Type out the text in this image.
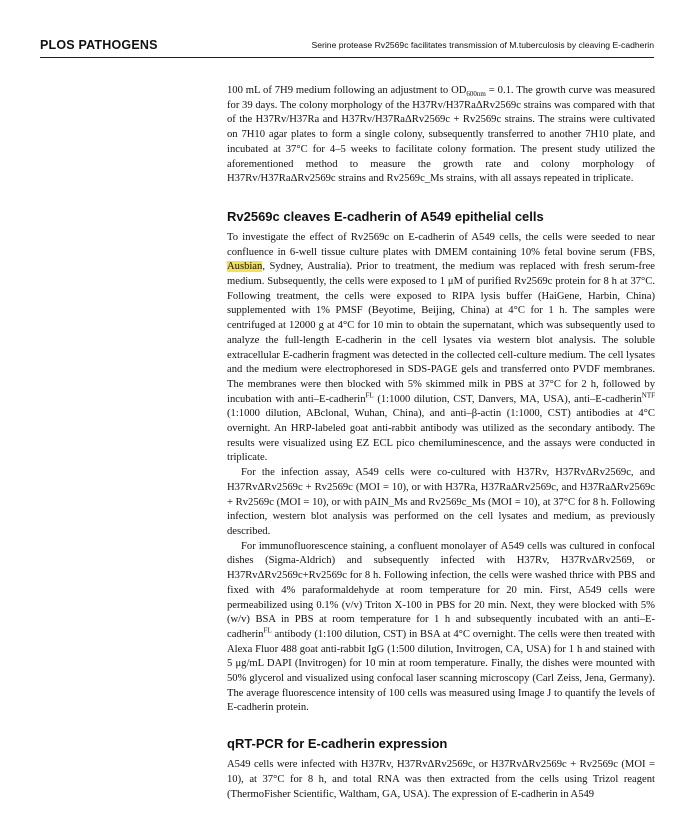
PLOS PATHOGENS	Serine protease Rv2569c facilitates transmission of M.tuberculosis by cleaving E-cadherin

100 mL of 7H9 medium following an adjustment to $OD_{600nm} = 0.1$. The growth curve was measured for 39 days. The colony morphology of the H37Rv/H37RaΔRv2569c strains was compared with that of the H37Rv/H37Ra and H37Rv/H37RaΔRv2569c + Rv2569c strains. The strains were cultivated on 7H10 agar plates to form a single colony, subsequently transferred to another 7H10 plate, and incubated at 37°C for 4–5 weeks to facilitate colony formation. The present study utilized the aforementioned method to measure the growth rate and colony morphology of H37Rv/H37RaΔRv2569c strains and Rv2569c_Ms strains, with all assays repeated in triplicate.

Rv2569c cleaves E-cadherin of A549 epithelial cells

To investigate the effect of Rv2569c on E-cadherin of A549 cells, the cells were seeded to near confluence in 6-well tissue culture plates with DMEM containing 10% fetal bovine serum (FBS, Ausbian, Sydney, Australia). Prior to treatment, the medium was replaced with fresh serum-free medium. Subsequently, the cells were exposed to 1 μM of purified Rv2569c protein for 8 h at 37°C. Following treatment, the cells were exposed to RIPA lysis buffer (HaiGene, Harbin, China) supplemented with 1% PMSF (Beyotime, Beijing, China) at 4°C for 1 h. The samples were centrifuged at 12000 g at 4°C for 10 min to obtain the supernatant, which was subsequently used to analyze the full-length E-cadherin in the cell lysates via western blot analysis. The soluble extracellular E-cadherin fragment was detected in the collected cell-culture medium. The cell lysates and the medium were electrophoresed in SDS-PAGE gels and transferred onto PVDF membranes. The membranes were then blocked with 5% skimmed milk in PBS at 37°C for 2 h, followed by incubation with anti–E-cadherin$^{FL}$ (1:1000 dilution, CST, Danvers, MA, USA), anti–E-cadherin$^{NTF}$ (1:1000 dilution, ABclonal, Wuhan, China), and anti–β-actin (1:1000, CST) antibodies at 4°C overnight. An HRP-labeled goat anti-rabbit antibody was utilized as the secondary antibody. The results were visualized using EZ ECL pico chemiluminescence, and the assays were conducted in triplicate.

For the infection assay, A549 cells were co-cultured with H37Rv, H37RvΔRv2569c, and H37RvΔRv2569c + Rv2569c (MOI = 10), or with H37Ra, H37RaΔRv2569c, and H37RaΔRv2569c + Rv2569c (MOI = 10), or with pAIN_Ms and Rv2569c_Ms (MOI = 10), at 37°C for 8 h. Following infection, western blot analysis was performed on the cell lysates and medium, as previously described.

For immunofluorescence staining, a confluent monolayer of A549 cells was cultured in confocal dishes (Sigma-Aldrich) and subsequently infected with H37Rv, H37RvΔRv2569, or H37RvΔRv2569c+Rv2569c for 8 h. Following infection, the cells were washed thrice with PBS and fixed with 4% paraformaldehyde at room temperature for 20 min. First, A549 cells were permeabilized using 0.1% (v/v) Triton X-100 in PBS for 20 min. Next, they were blocked with 5% (w/v) BSA in PBS at room temperature for 1 h and subsequently incubated with an anti–E-cadherin$^{FL}$ antibody (1:100 dilution, CST) in BSA at 4°C overnight. The cells were then treated with Alexa Fluor 488 goat anti-rabbit IgG (1:500 dilution, Invitrogen, CA, USA) for 1 h and stained with 5 μg/mL DAPI (Invitrogen) for 10 min at room temperature. Finally, the dishes were mounted with 50% glycerol and visualized using confocal laser scanning microscopy (Carl Zeiss, Jena, Germany). The average fluorescence intensity of 100 cells was measured using Image J to quantify the levels of E-cadherin protein.

qRT-PCR for E-cadherin expression

A549 cells were infected with H37Rv, H37RvΔRv2569c, or H37RvΔRv2569c + Rv2569c (MOI = 10), at 37°C for 8 h, and total RNA was then extracted from the cells using Trizol reagent (ThermoFisher Scientific, Waltham, GA, USA). The expression of E-cadherin in A549
